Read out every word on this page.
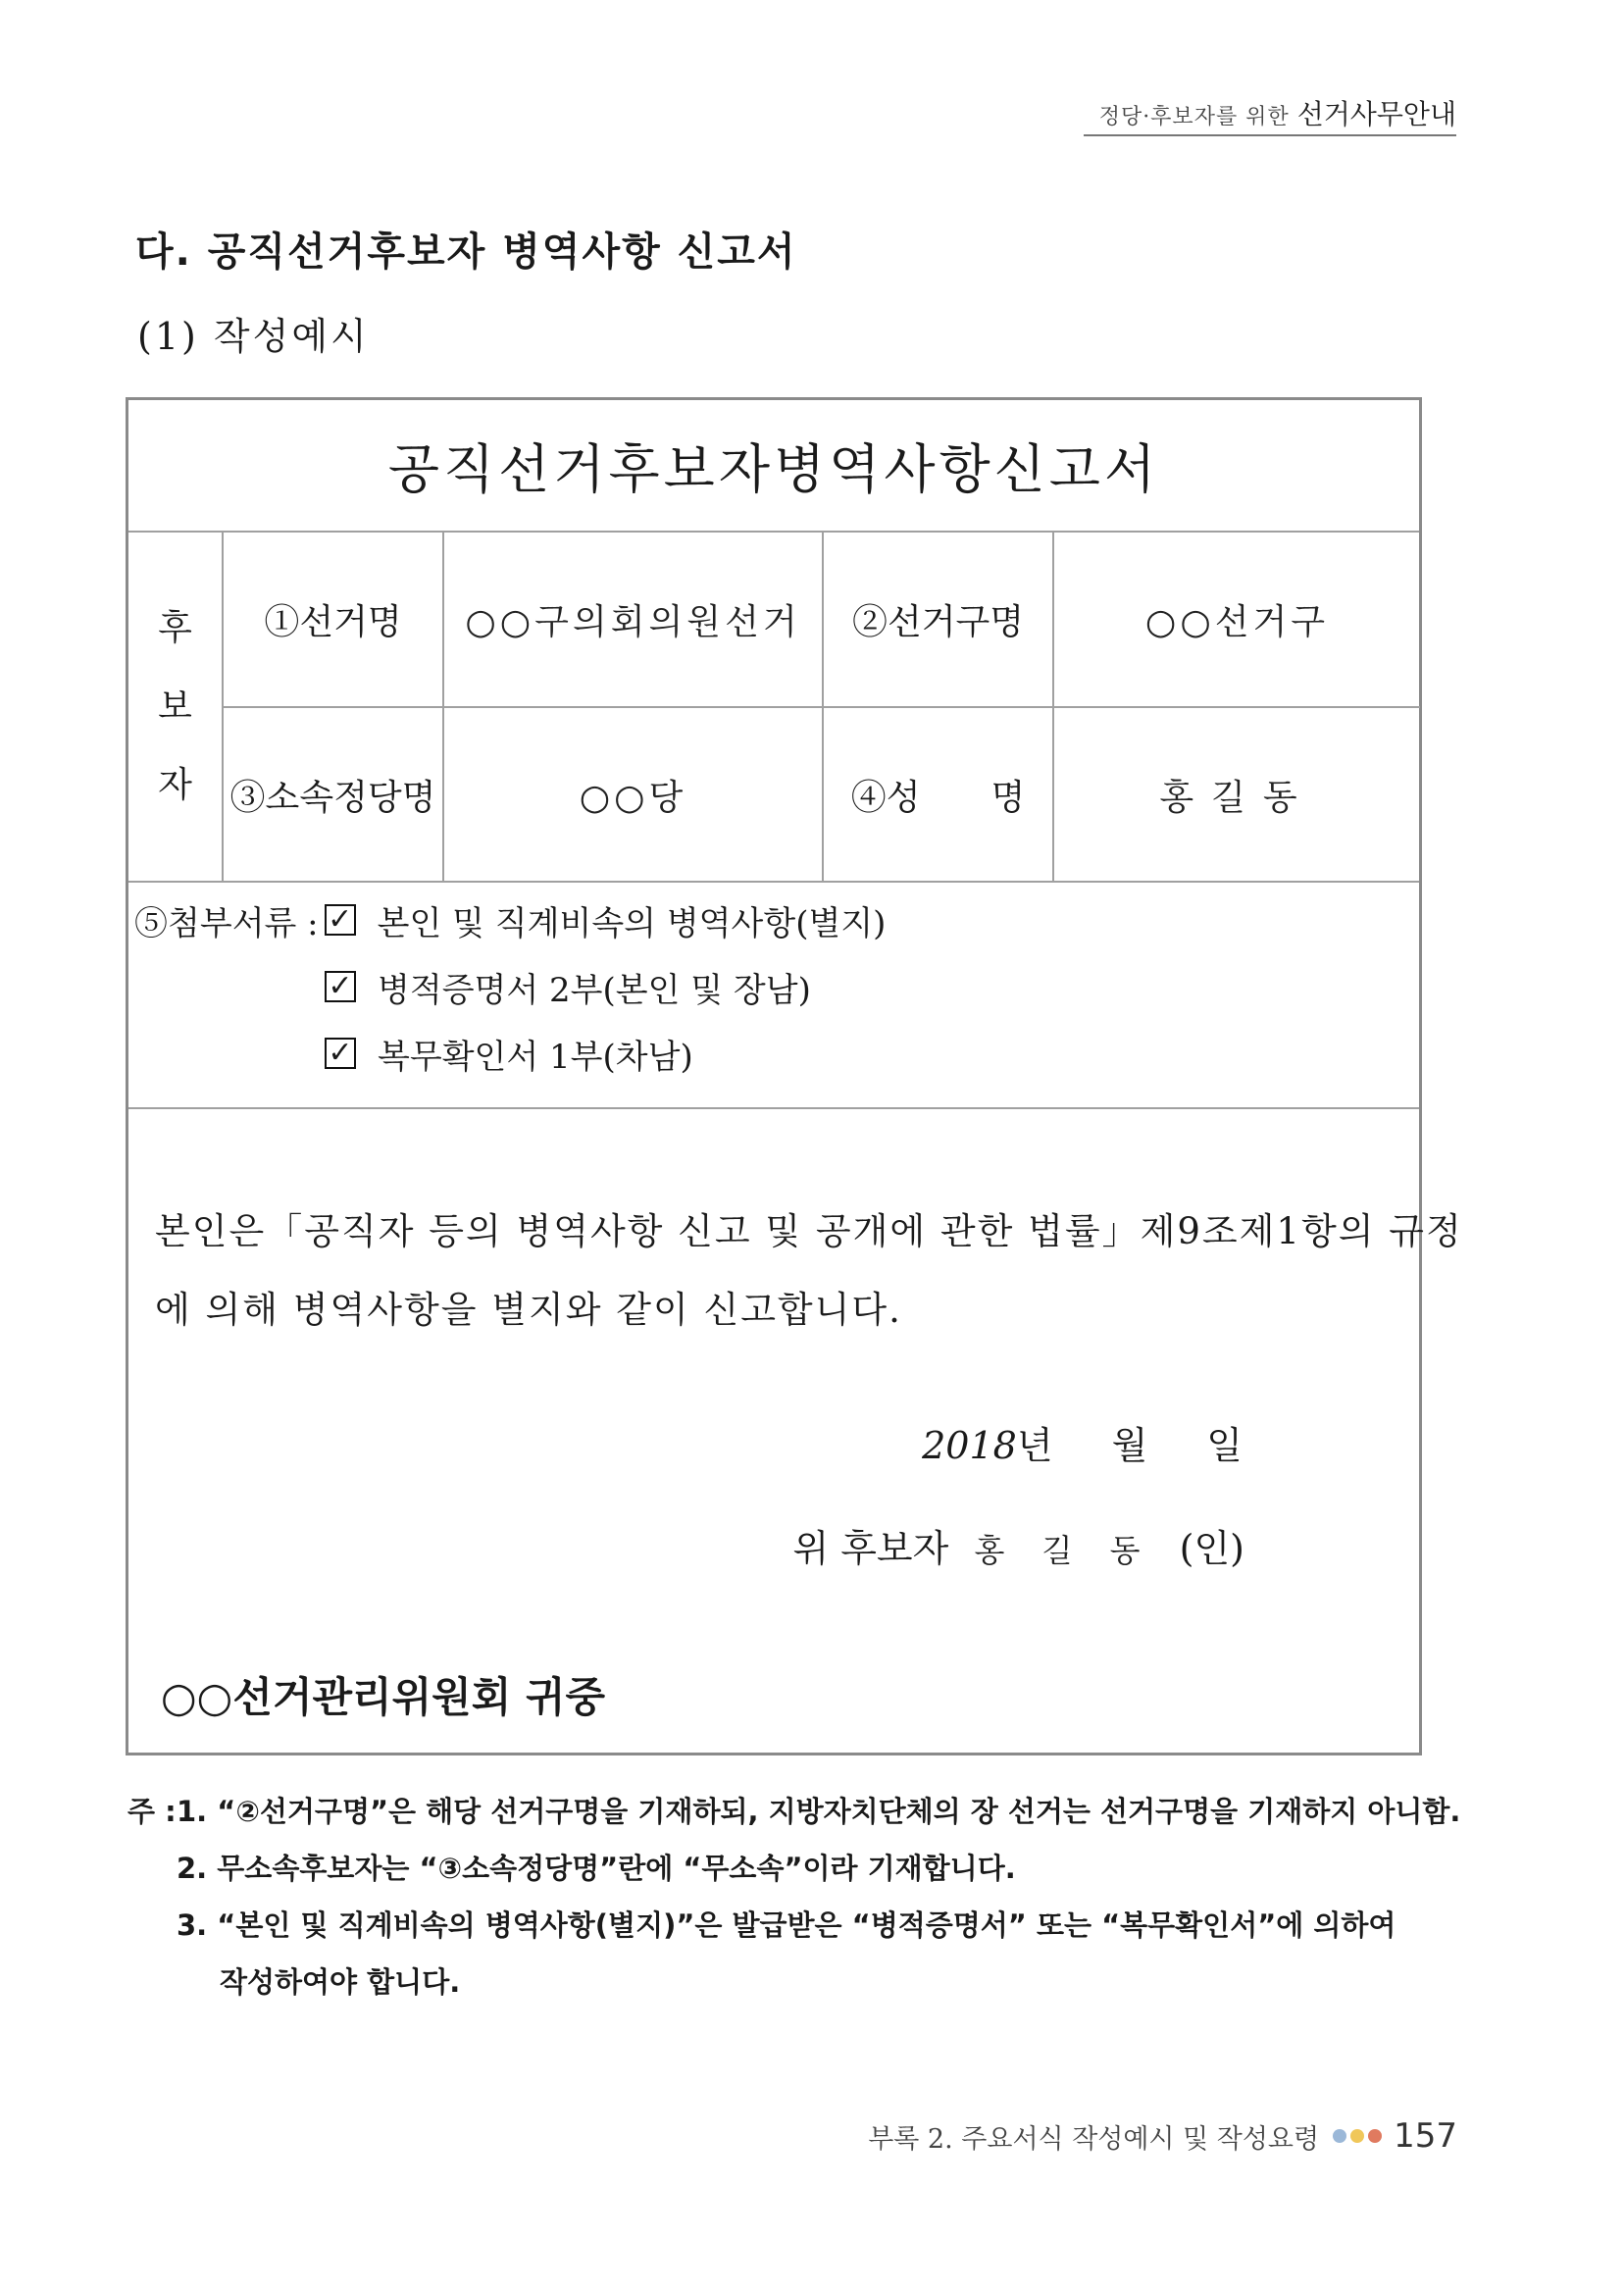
정당·후보자를 위한 선거사무안내
다. 공직선거후보자 병역사항 신고서
(1) 작성예시
공직선거후보자병역사항신고서
후
보
자
①선거명	○○구의회의원선거	②선거구명	○○선거구
③소속정당명	○○당	④성　　명	홍길동
⑤첨부서류 : ✓ 본인 및 직계비속의 병역사항(별지)
✓ 병적증명서 2부(본인 및 장남)
✓ 복무확인서 1부(차남)
본인은「공직자 등의 병역사항 신고 및 공개에 관한 법률」제9조제1항의 규정
에 의해 병역사항을 별지와 같이 신고합니다.
2018년 월 일
위 후보자 홍 길 동 (인)
○○선거관리위원회 귀중
주 : 1. “②선거구명”은 해당 선거구명을 기재하되, 지방자치단체의 장 선거는 선거구명을 기재하지 아니함.
2. 무소속후보자는 “③소속정당명”란에 “무소속”이라 기재합니다.
3. “본인 및 직계비속의 병역사항(별지)”은 발급받은 “병적증명서” 또는 “복무확인서”에 의하여
작성하여야 합니다.
부록 2. 주요서식 작성예시 및 작성요령 157
